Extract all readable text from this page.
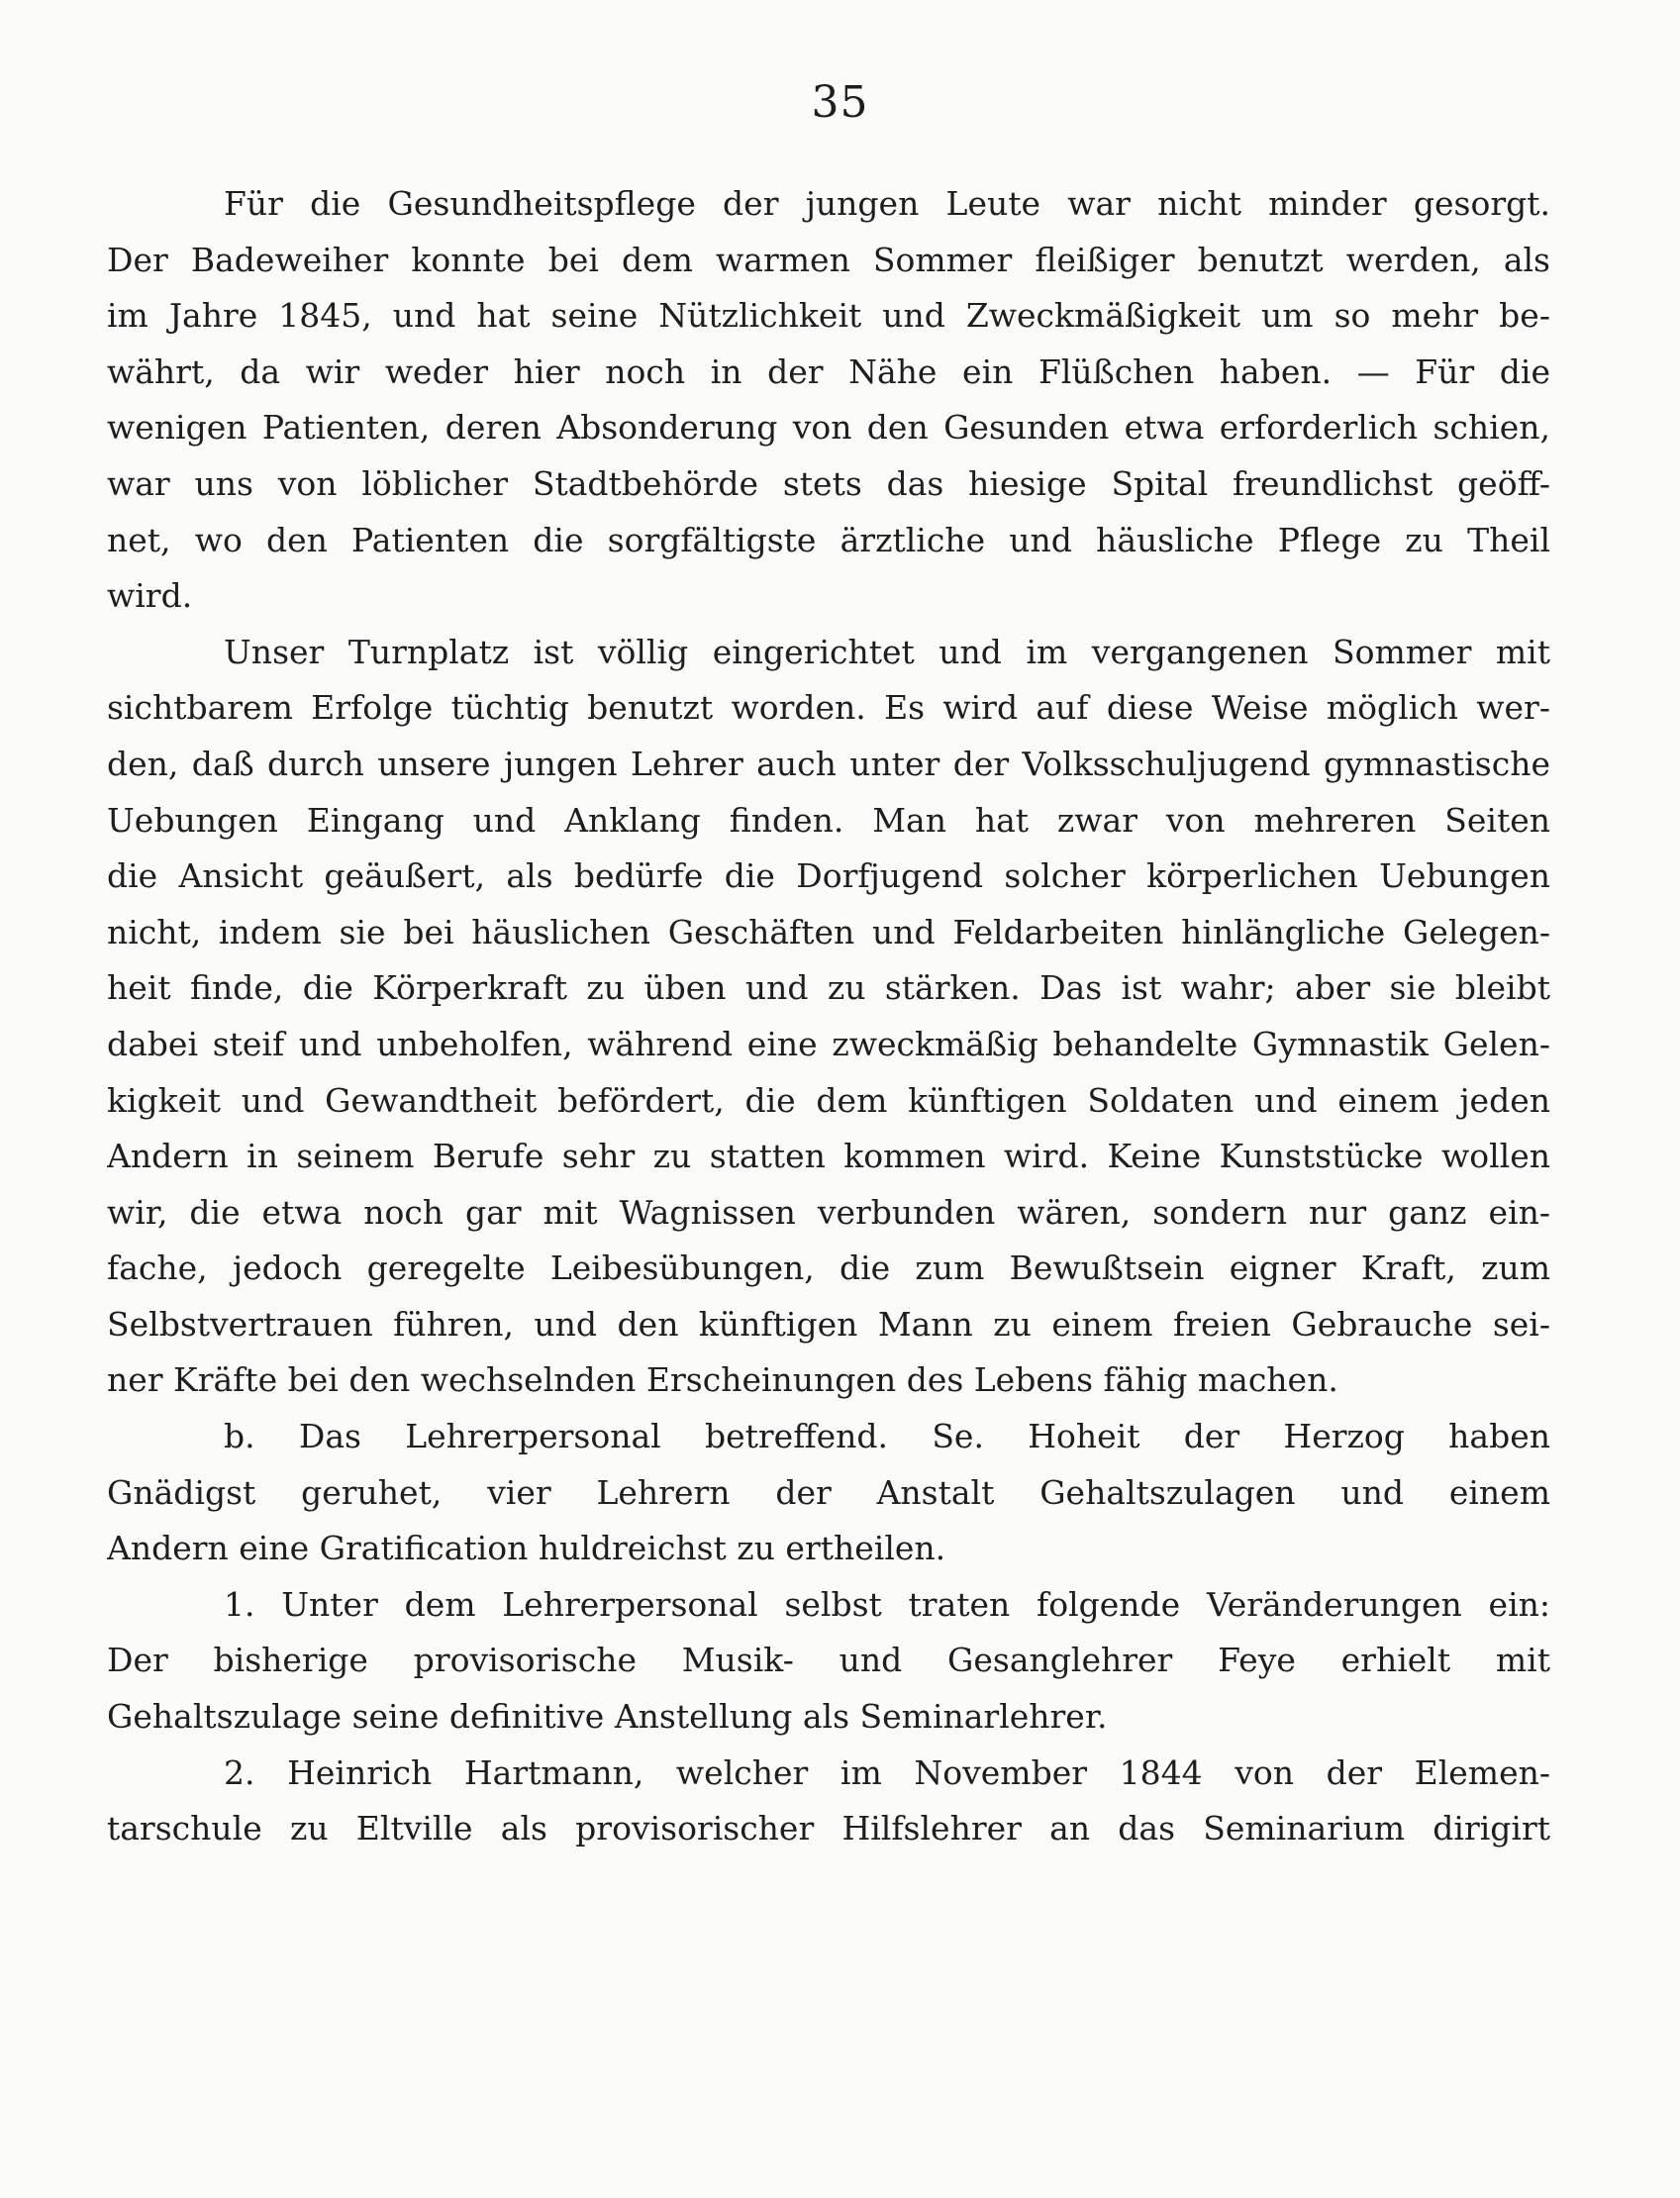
35
Für die Gesundheitspflege der jungen Leute war nicht minder gesorgt.
Der Badeweiher konnte bei dem warmen Sommer fleißiger benutzt werden, als
im Jahre 1845, und hat seine Nützlichkeit und Zweckmäßigkeit um so mehr be-
währt, da wir weder hier noch in der Nähe ein Flüßchen haben. — Für die
wenigen Patienten, deren Absonderung von den Gesunden etwa erforderlich schien,
war uns von löblicher Stadtbehörde stets das hiesige Spital freundlichst geöff-
net, wo den Patienten die sorgfältigste ärztliche und häusliche Pflege zu Theil
wird.
Unser Turnplatz ist völlig eingerichtet und im vergangenen Sommer mit
sichtbarem Erfolge tüchtig benutzt worden. Es wird auf diese Weise möglich wer-
den, daß durch unsere jungen Lehrer auch unter der Volksschuljugend gymnastische
Uebungen Eingang und Anklang finden. Man hat zwar von mehreren Seiten
die Ansicht geäußert, als bedürfe die Dorfjugend solcher körperlichen Uebungen
nicht, indem sie bei häuslichen Geschäften und Feldarbeiten hinlängliche Gelegen-
heit finde, die Körperkraft zu üben und zu stärken. Das ist wahr; aber sie bleibt
dabei steif und unbeholfen, während eine zweckmäßig behandelte Gymnastik Gelen-
kigkeit und Gewandtheit befördert, die dem künftigen Soldaten und einem jeden
Andern in seinem Berufe sehr zu statten kommen wird. Keine Kunststücke wollen
wir, die etwa noch gar mit Wagnissen verbunden wären, sondern nur ganz ein-
fache, jedoch geregelte Leibesübungen, die zum Bewußtsein eigner Kraft, zum
Selbstvertrauen führen, und den künftigen Mann zu einem freien Gebrauche sei-
ner Kräfte bei den wechselnden Erscheinungen des Lebens fähig machen.
b. Das Lehrerpersonal betreffend. Se. Hoheit der Herzog haben
Gnädigst geruhet, vier Lehrern der Anstalt Gehaltszulagen und einem
Andern eine Gratification huldreichst zu ertheilen.
1. Unter dem Lehrerpersonal selbst traten folgende Veränderungen ein:
Der bisherige provisorische Musik- und Gesanglehrer Feye erhielt mit
Gehaltszulage seine definitive Anstellung als Seminarlehrer.
2. Heinrich Hartmann, welcher im November 1844 von der Elemen-
tarschule zu Eltville als provisorischer Hilfslehrer an das Seminarium dirigirt
